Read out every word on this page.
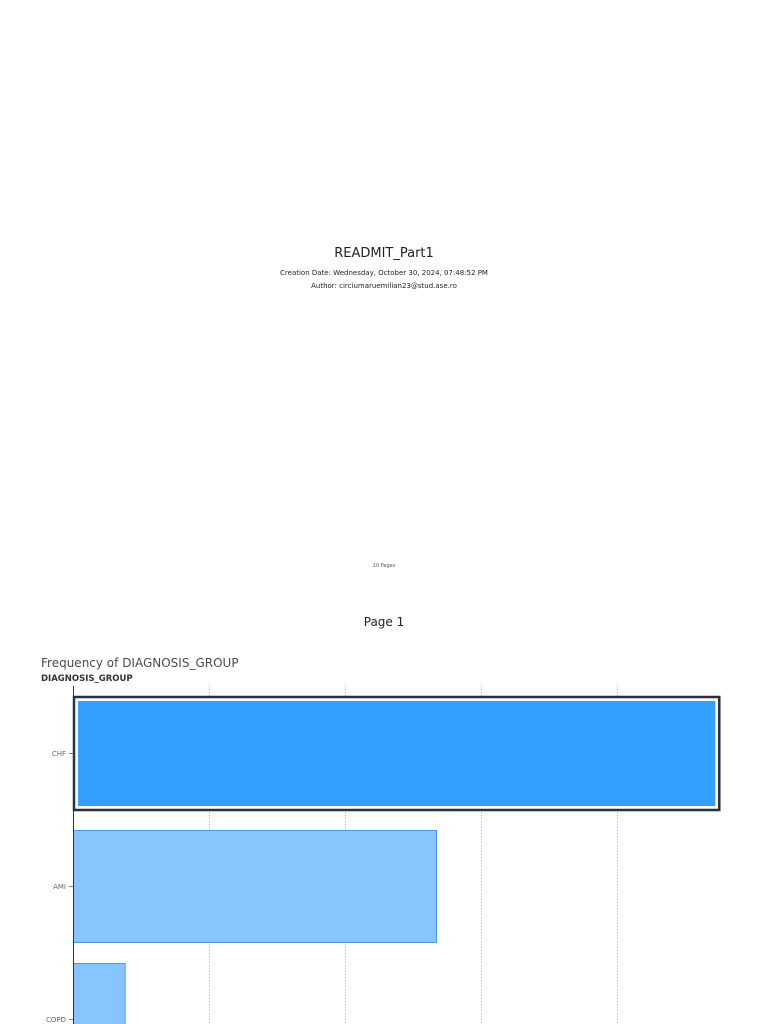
READMIT_Part1
Creation Date: Wednesday, October 30, 2024, 07:48:52 PM
Author: circiumaruemilian23@stud.ase.ro
10 Pages
Page 1
Frequency of DIAGNOSIS_GROUP
DIAGNOSIS_GROUP
CHF
AMI
COPD
